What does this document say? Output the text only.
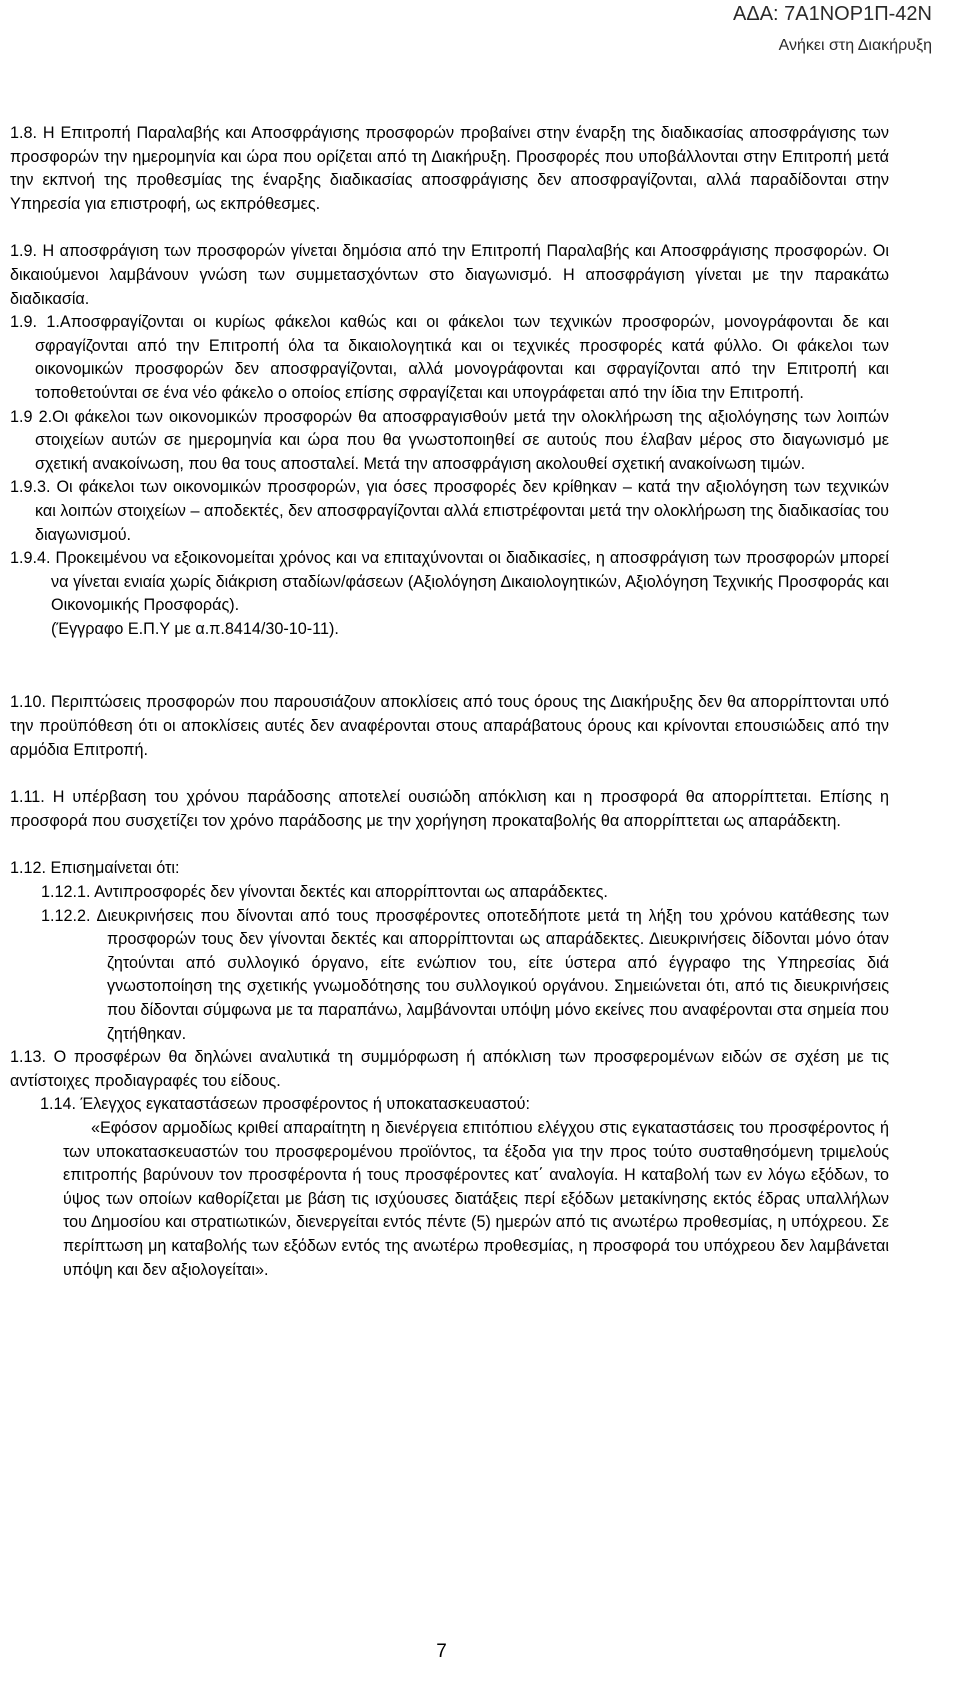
ΑΔΑ: 7Α1ΝΟΡ1Π-42Ν
Ανήκει στη Διακήρυξη

1.8. Η Επιτροπή Παραλαβής και Αποσφράγισης προσφορών προβαίνει στην έναρξη της διαδικασίας αποσφράγισης των προσφορών την ημερομηνία και ώρα που ορίζεται από τη Διακήρυξη. Προσφορές που υποβάλλονται στην Επιτροπή μετά την εκπνοή της προθεσμίας της έναρξης διαδικασίας αποσφράγισης δεν αποσφραγίζονται, αλλά παραδίδονται στην Υπηρεσία για επιστροφή, ως εκπρόθεσμες.

1.9. Η αποσφράγιση των προσφορών γίνεται δημόσια από την Επιτροπή Παραλαβής και Αποσφράγισης προσφορών. Οι δικαιούμενοι λαμβάνουν γνώση των συμμετασχόντων στο διαγωνισμό. Η αποσφράγιση γίνεται με την παρακάτω διαδικασία.

1.9. 1.Αποσφραγίζονται οι κυρίως φάκελοι καθώς και οι φάκελοι των τεχνικών προσφορών, μονογράφονται δε και σφραγίζονται από την Επιτροπή όλα τα δικαιολογητικά και οι τεχνικές προσφορές κατά φύλλο. Οι φάκελοι των οικονομικών προσφορών δεν αποσφραγίζονται, αλλά μονογράφονται και σφραγίζονται από την Επιτροπή και τοποθετούνται σε ένα νέο φάκελο ο οποίος επίσης σφραγίζεται και υπογράφεται από την ίδια την Επιτροπή.

1.9 2.Οι φάκελοι των οικονομικών προσφορών θα αποσφραγισθούν μετά την ολοκλήρωση της αξιολόγησης των λοιπών στοιχείων αυτών σε ημερομηνία και ώρα που θα γνωστοποιηθεί σε αυτούς που έλαβαν μέρος στο διαγωνισμό με σχετική ανακοίνωση, που θα τους αποσταλεί. Μετά την αποσφράγιση ακολουθεί σχετική ανακοίνωση τιμών.

1.9.3. Οι φάκελοι των οικονομικών προσφορών, για όσες προσφορές δεν κρίθηκαν – κατά την αξιολόγηση των τεχνικών και λοιπών στοιχείων – αποδεκτές, δεν αποσφραγίζονται αλλά επιστρέφονται μετά την ολοκλήρωση της διαδικασίας του διαγωνισμού.

1.9.4. Προκειμένου να εξοικονομείται χρόνος και να επιταχύνονται οι διαδικασίες, η αποσφράγιση των προσφορών μπορεί να γίνεται ενιαία χωρίς διάκριση σταδίων/φάσεων (Αξιολόγηση Δικαιολογητικών, Αξιολόγηση Τεχνικής Προσφοράς και Οικονομικής Προσφοράς).

(Έγγραφο Ε.Π.Υ με α.π.8414/30-10-11).

1.10. Περιπτώσεις προσφορών που παρουσιάζουν αποκλίσεις από τους όρους της Διακήρυξης δεν θα απορρίπτονται υπό την προϋπόθεση ότι οι αποκλίσεις αυτές δεν αναφέρονται στους απαράβατους όρους και κρίνονται επουσιώδεις από την αρμόδια Επιτροπή.

1.11. Η υπέρβαση του χρόνου παράδοσης αποτελεί ουσιώδη απόκλιση και η προσφορά θα απορρίπτεται. Επίσης η προσφορά που συσχετίζει τον χρόνο παράδοσης με την χορήγηση προκαταβολής θα απορρίπτεται ως απαράδεκτη.

1.12. Επισημαίνεται ότι:

1.12.1. Αντιπροσφορές δεν γίνονται δεκτές και απορρίπτονται ως απαράδεκτες.

1.12.2. Διευκρινήσεις που δίνονται από τους προσφέροντες οποτεδήποτε μετά τη λήξη του χρόνου κατάθεσης των προσφορών τους δεν γίνονται δεκτές και απορρίπτονται ως απαράδεκτες. Διευκρινήσεις δίδονται μόνο όταν ζητούνται από συλλογικό όργανο, είτε ενώπιον του, είτε ύστερα από έγγραφο της Υπηρεσίας διά γνωστοποίηση της σχετικής γνωμοδότησης του συλλογικού οργάνου. Σημειώνεται ότι, από τις διευκρινήσεις που δίδονται σύμφωνα με τα παραπάνω, λαμβάνονται υπόψη μόνο εκείνες που αναφέρονται στα σημεία που ζητήθηκαν.

1.13. Ο προσφέρων θα δηλώνει αναλυτικά τη συμμόρφωση ή απόκλιση των προσφερομένων ειδών σε σχέση με τις αντίστοιχες προδιαγραφές του είδους.

1.14. Έλεγχος εγκαταστάσεων προσφέροντος ή υποκατασκευαστού:

«Εφόσον αρμοδίως κριθεί απαραίτητη η διενέργεια επιτόπιου ελέγχου στις εγκαταστάσεις του προσφέροντος ή των υποκατασκευαστών του προσφερομένου προϊόντος, τα έξοδα για την προς τούτο συσταθησόμενη τριμελούς επιτροπής βαρύνουν τον προσφέροντα ή τους προσφέροντες κατ΄ αναλογία. Η καταβολή των εν λόγω εξόδων, το ύψος των οποίων καθορίζεται με βάση τις ισχύουσες διατάξεις περί εξόδων μετακίνησης εκτός έδρας υπαλλήλων του Δημοσίου και στρατιωτικών, διενεργείται εντός πέντε (5) ημερών από τις ανωτέρω προθεσμίας, η υπόχρεου. Σε περίπτωση μη καταβολής των εξόδων εντός της ανωτέρω προθεσμίας, η προσφορά του υπόχρεου δεν λαμβάνεται υπόψη και δεν αξιολογείται».

7
